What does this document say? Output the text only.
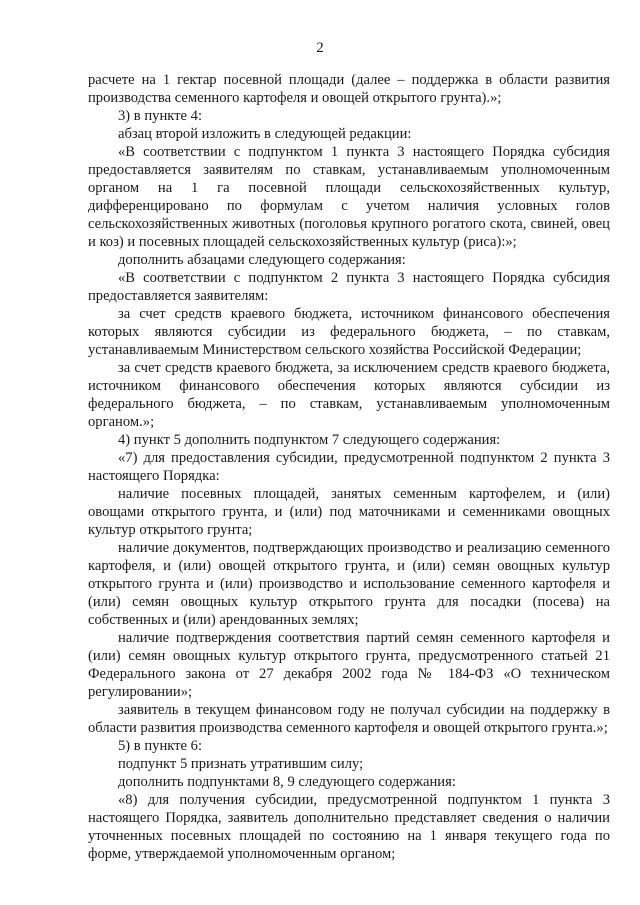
2

расчете на 1 гектар посевной площади (далее – поддержка в области развития производства семенного картофеля и овощей открытого грунта).»;

3) в пункте 4:

абзац второй изложить в следующей редакции:

«В соответствии с подпунктом 1 пункта 3 настоящего Порядка субсидия предоставляется заявителям по ставкам, устанавливаемым уполномоченным органом на 1 га посевной площади сельскохозяйственных культур, дифференцировано по формулам с учетом наличия условных голов сельскохозяйственных животных (поголовья крупного рогатого скота, свиней, овец и коз) и посевных площадей сельскохозяйственных культур (риса):»;

дополнить абзацами следующего содержания:

«В соответствии с подпунктом 2 пункта 3 настоящего Порядка субсидия предоставляется заявителям:

за счет средств краевого бюджета, источником финансового обеспечения которых являются субсидии из федерального бюджета, – по ставкам, устанавливаемым Министерством сельского хозяйства Российской Федерации;

за счет средств краевого бюджета, за исключением средств краевого бюджета, источником финансового обеспечения которых являются субсидии из федерального бюджета, – по ставкам, устанавливаемым уполномоченным органом.»;

4) пункт 5 дополнить подпунктом 7 следующего содержания:

«7) для предоставления субсидии, предусмотренной подпунктом 2 пункта 3 настоящего Порядка:

наличие посевных площадей, занятых семенным картофелем, и (или) овощами открытого грунта, и (или) под маточниками и семенниками овощных культур открытого грунта;

наличие документов, подтверждающих производство и реализацию семенного картофеля, и (или) овощей открытого грунта, и (или) семян овощных культур открытого грунта и (или) производство и использование семенного картофеля и (или) семян овощных культур открытого грунта для посадки (посева) на собственных и (или) арендованных землях;

наличие подтверждения соответствия партий семян семенного картофеля и (или) семян овощных культур открытого грунта, предусмотренного статьей 21 Федерального закона от 27 декабря 2002 года № 184-ФЗ «О техническом регулировании»;

заявитель в текущем финансовом году не получал субсидии на поддержку в области развития производства семенного картофеля и овощей открытого грунта.»;

5) в пункте 6:

подпункт 5 признать утратившим силу;

дополнить подпунктами 8, 9 следующего содержания:

«8) для получения субсидии, предусмотренной подпунктом 1 пункта 3 настоящего Порядка, заявитель дополнительно представляет сведения о наличии уточненных посевных площадей по состоянию на 1 января текущего года по форме, утверждаемой уполномоченным органом;
